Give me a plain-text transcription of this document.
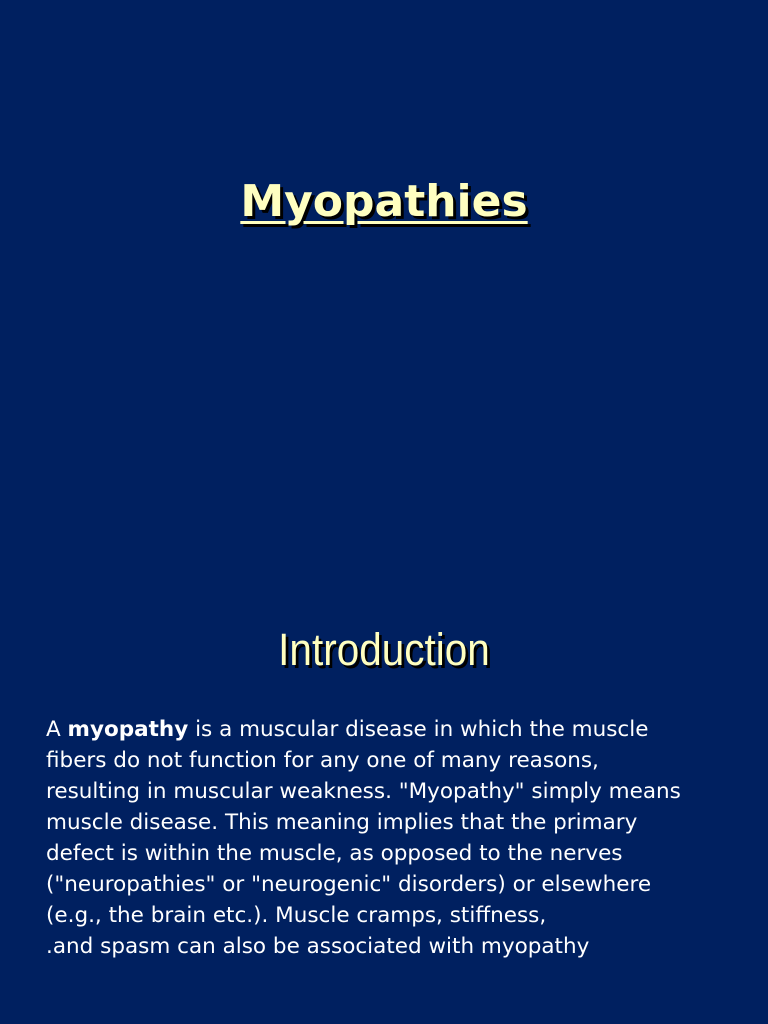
Myopathies
Introduction
A myopathy is a muscular disease in which the muscle
fibers do not function for any one of many reasons,
resulting in muscular weakness. "Myopathy" simply means
muscle disease. This meaning implies that the primary
defect is within the muscle, as opposed to the nerves
("neuropathies" or "neurogenic" disorders) or elsewhere
(e.g., the brain etc.). Muscle cramps, stiffness,
.and spasm can also be associated with myopathy
